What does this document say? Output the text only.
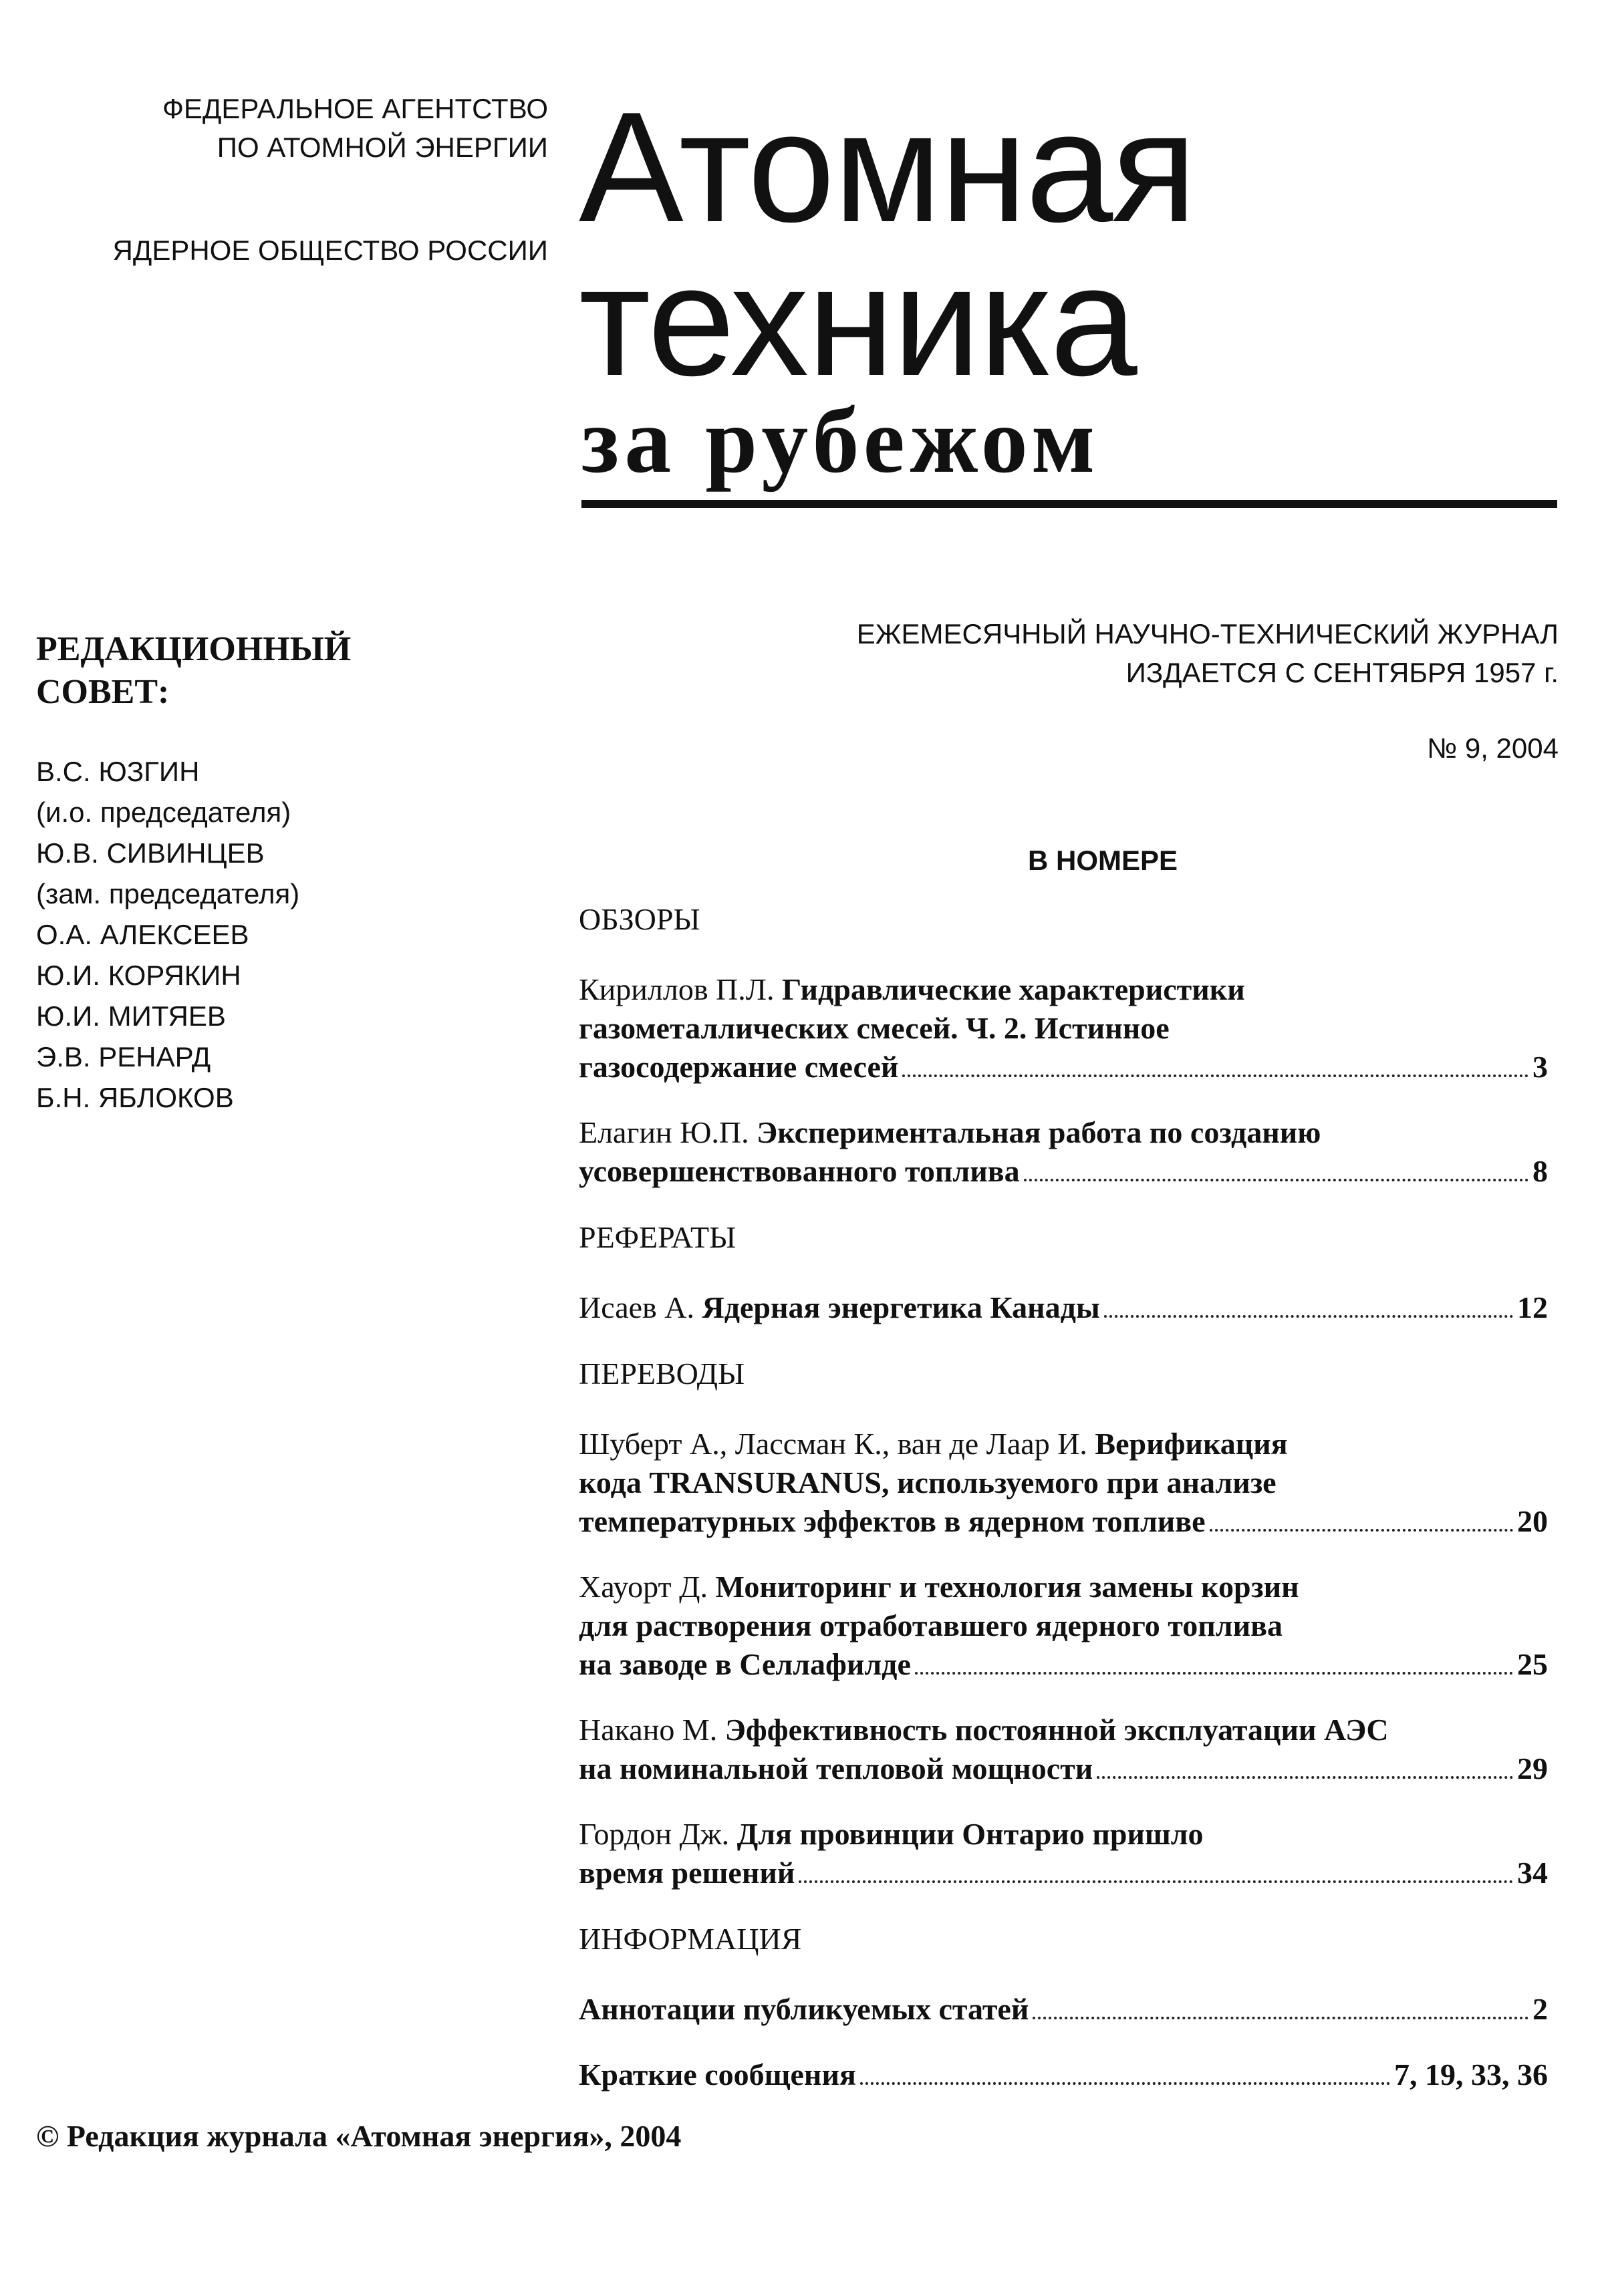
ФЕДЕРАЛЬНОЕ АГЕНТСТВО
ПО АТОМНОЙ ЭНЕРГИИ
ЯДЕРНОЕ ОБЩЕСТВО РОССИИ Атомная
техника
за рубежом
РЕДАКЦИОННЫЙ
СОВЕТ:
В.С. ЮЗГИН
(и.о. председателя)
Ю.В. СИВИНЦЕВ
(зам. председателя)
О.А. АЛЕКСЕЕВ
Ю.И. КОРЯКИН
Ю.И. МИТЯЕВ
Э.В. РЕНАРД
Б.Н. ЯБЛОКОВ
ЕЖЕМЕСЯЧНЫЙ НАУЧНО-ТЕХНИЧЕСКИЙ ЖУРНАЛ
ИЗДАЕТСЯ С СЕНТЯБРЯ 1957 г.
№ 9, 2004
В НОМЕРЕ
ОБЗОРЫ
Кириллов П.Л. Гидравлические характеристики
газометаллических смесей. Ч. 2. Истинное
газосодержание смесей	3
Елагин Ю.П. Экспериментальная работа по созданию
усовершенствованного топлива	8
РЕФЕРАТЫ
Исаев А.
Ядерная энергетика Канады	12
ПЕРЕВОДЫ
Шуберт А., Лассман К., ван де Лаар И. Верификация
кода TRANSURANUS, используемого при анализе
температурных эффектов в ядерном топливе	20
Хауорт Д. Мониторинг и технология замены корзин
для растворения отработавшего ядерного топлива
на заводе в Селлафилде	25
Накано М. Эффективность постоянной эксплуатации АЭС
на номинальной тепловой мощности	29
Гордон Дж. Для провинции Онтарио пришло
время решений	34
ИНФОРМАЦИЯ
Аннотации публикуемых статей	2
Краткие сообщения	7, 19, 33, 36
© Редакция журнала «Атомная энергия», 2004
